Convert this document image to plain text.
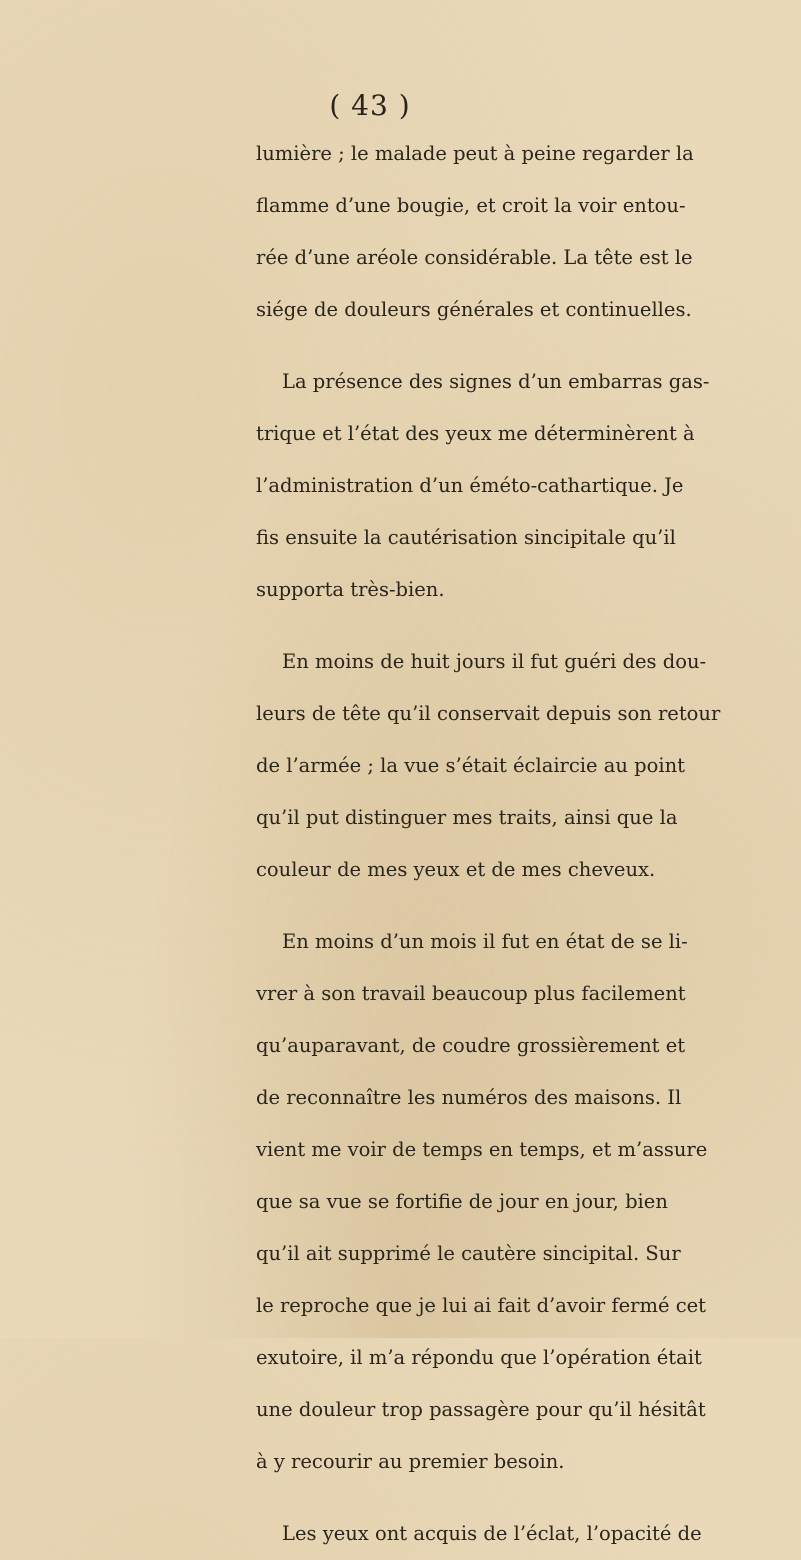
( 43 )
lumière ; le malade peut à peine regarder la
flamme d’une bougie, et croit la voir entou-
rée d’une aréole considérable. La tête est le
siége de douleurs générales et continuelles.
La présence des signes d’un embarras gas-
trique et l’état des yeux me déterminèrent à
l’administration d’un éméto-cathartique. Je
fis ensuite la cautérisation sincipitale qu’il
supporta très-bien.
En moins de huit jours il fut guéri des dou-
leurs de tête qu’il conservait depuis son retour
de l’armée ; la vue s’était éclaircie au point
qu’il put distinguer mes traits, ainsi que la
couleur de mes yeux et de mes cheveux.
En moins d’un mois il fut en état de se li-
vrer à son travail beaucoup plus facilement
qu’auparavant, de coudre grossièrement et
de reconnaître les numéros des maisons. Il
vient me voir de temps en temps, et m’assure
que sa vue se fortifie de jour en jour, bien
qu’il ait supprimé le cautère sincipital. Sur
le reproche que je lui ai fait d’avoir fermé cet
exutoire, il m’a répondu que l’opération était
une douleur trop passagère pour qu’il hésitât
à y recourir au premier besoin.
Les yeux ont acquis de l’éclat, l’opacité de
